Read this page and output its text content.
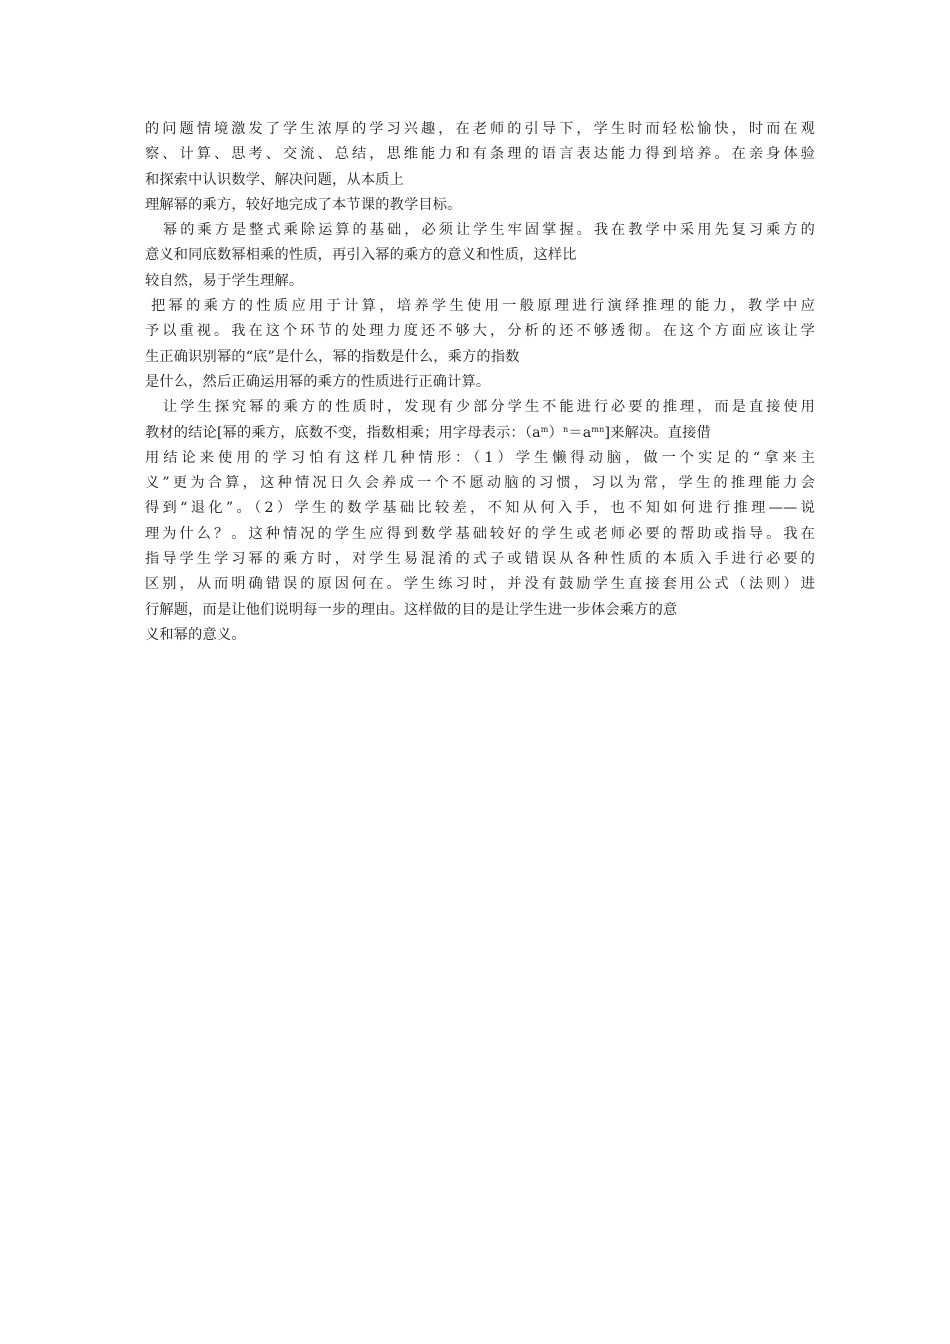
的问题情境激发了学生浓厚的学习兴趣，在老师的引导下，学生时而轻松愉快，时而在观
察、计算、思考、交流、总结，思维能力和有条理的语言表达能力得到培养。在亲身体验
和探索中认识数学、解决问题，从本质上
理解幂的乘方，较好地完成了本节课的教学目标。
幂的乘方是整式乘除运算的基础，必须让学生牢固掌握。我在教学中采用先复习乘方的
意义和同底数幂相乘的性质，再引入幂的乘方的意义和性质，这样比
较自然，易于学生理解。
把幂的乘方的性质应用于计算，培养学生使用一般原理进行演绎推理的能力，教学中应
予以重视。我在这个环节的处理力度还不够大，分析的还不够透彻。在这个方面应该让学
生正确识别幂的“底”是什么，幂的指数是什么，乘方的指数
是什么，然后正确运用幂的乘方的性质进行正确计算。
让学生探究幂的乘方的性质时，发现有少部分学生不能进行必要的推理，而是直接使用
教材的结论[幂的乘方，底数不变，指数相乘；用字母表示：$(a^m)^n=a^{mn}$]来解决。直接借
用结论来使用的学习怕有这样几种情形：（1）学生懒得动脑，做一个实足的“拿来主
义”更为合算，这种情况日久会养成一个不愿动脑的习惯，习以为常，学生的推理能力会
得到“退化”。（2）学生的数学基础比较差，不知从何入手，也不知如何进行推理——说
理为什么？。这种情况的学生应得到数学基础较好的学生或老师必要的帮助或指导。我在
指导学生学习幂的乘方时，对学生易混淆的式子或错误从各种性质的本质入手进行必要的
区别，从而明确错误的原因何在。学生练习时，并没有鼓励学生直接套用公式（法则）进
行解题，而是让他们说明每一步的理由。这样做的目的是让学生进一步体会乘方的意
义和幂的意义。
